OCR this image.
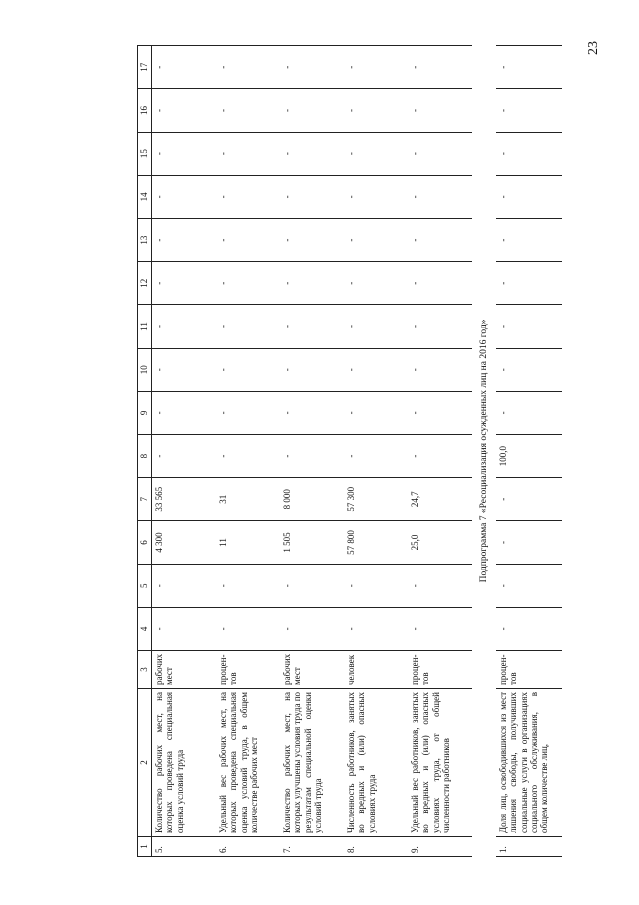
23
1	2	3	4	5	6	7	8	9	10	11	12	13	14	15	16	17
5.	Количество рабочих мест, на которых проведена специальная оценка условий труда	рабочих мест	-	-	4 300	33 565	-	-	-	-	-	-	-	-	-	-
6.	Удельный вес рабочих мест, на которых проведена специальная оценка условий труда, в общем количестве рабочих мест	процен-тов	-	-	11	31	-	-	-	-	-	-	-	-	-	-
7.	Количество рабочих мест, на которых улучшены условия труда по результатам специальной оценки условий труда	рабочих мест	-	-	1 505	8 000	-	-	-	-	-	-	-	-	-	-
8.	Численность работников, занятых во вредных и (или) опасных условиях труда	человек	-	-	57 800	57 300	-	-	-	-	-	-	-	-	-	-
9.	Удельный вес работников, занятых во вредных и (или) опасных условиях труда, от общей численности работников	процен-тов	-	-	25,0	24,7	-	-	-	-	-	-	-	-	-	-
Подпрограмма 7 «Ресоциализация осужденных лиц на 2016 год»																
1.	Доля лиц, освободившихся из мест лишения свободы, получивших социальные услуги в организациях социального обслуживания, в общем количестве лиц,	процен-тов	-	-	-	-	100,0	-	-	-	-	-	-	-	-	-
